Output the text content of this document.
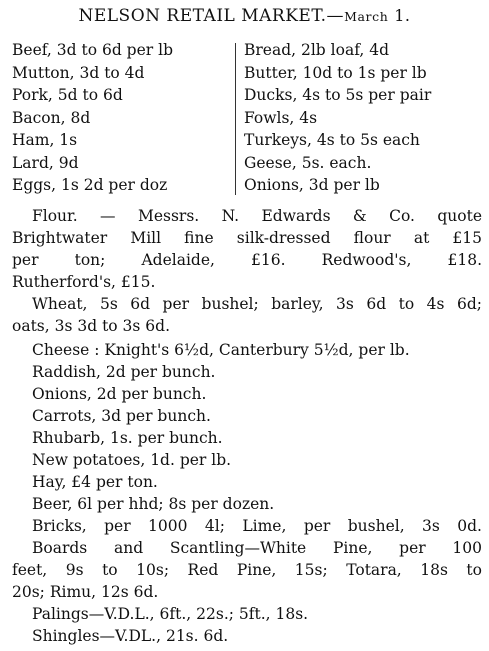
NELSON RETAIL MARKET.—March 1.
Beef, 3d to 6d per lb
Mutton, 3d to 4d
Pork, 5d to 6d
Bacon, 8d
Ham, 1s
Lard, 9d
Eggs, 1s 2d per doz
Bread, 2lb loaf, 4d
Butter, 10d to 1s per lb
Ducks, 4s to 5s per pair
Fowls, 4s
Turkeys, 4s to 5s each
Geese, 5s. each.
Onions, 3d per lb
Flour. — Messrs. N. Edwards & Co. quote
Brightwater Mill fine silk-dressed flour at £15
per ton; Adelaide, £16. Redwood's, £18.
Rutherford's, £15.
Wheat, 5s 6d per bushel; barley, 3s 6d to 4s 6d;
oats, 3s 3d to 3s 6d.
Cheese : Knight's 6½d, Canterbury 5½d, per lb.
Raddish, 2d per bunch.
Onions, 2d per bunch.
Carrots, 3d per bunch.
Rhubarb, 1s. per bunch.
New potatoes, 1d. per lb.
Hay, £4 per ton.
Beer, 6l per hhd; 8s per dozen.
Bricks, per 1000 4l; Lime, per bushel, 3s 0d.
Boards and Scantling—White Pine, per 100
feet, 9s to 10s; Red Pine, 15s; Totara, 18s to
20s; Rimu, 12s 6d.
Palings—V.D.L., 6ft., 22s.; 5ft., 18s.
Shingles—V.DL., 21s. 6d.
